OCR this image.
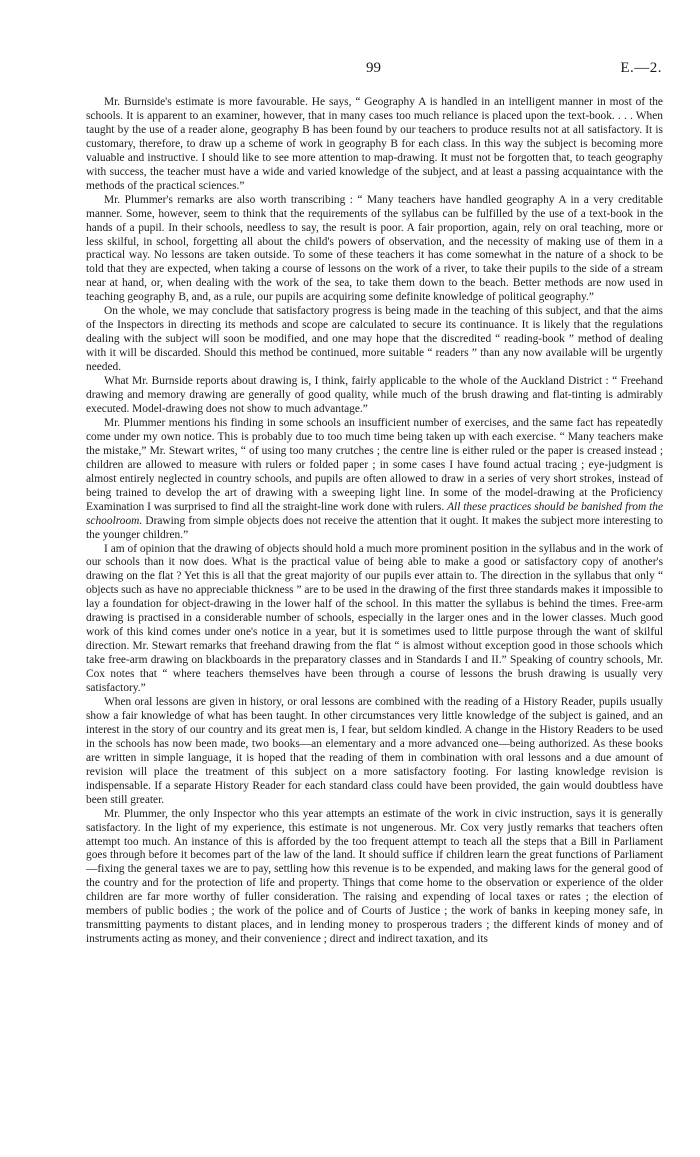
99	E.—2.

Mr. Burnside's estimate is more favourable. He says, “ Geography A is handled in an intelligent manner in most of the schools. It is apparent to an examiner, however, that in many cases too much reliance is placed upon the text-book. . . . When taught by the use of a reader alone, geography B has been found by our teachers to produce results not at all satisfactory. It is customary, therefore, to draw up a scheme of work in geography B for each class. In this way the subject is becoming more valuable and instructive. I should like to see more attention to map-drawing. It must not be forgotten that, to teach geography with success, the teacher must have a wide and varied knowledge of the subject, and at least a passing acquaintance with the methods of the practical sciences.”

Mr. Plummer's remarks are also worth transcribing : “ Many teachers have handled geography A in a very creditable manner. Some, however, seem to think that the requirements of the syllabus can be fulfilled by the use of a text-book in the hands of a pupil. In their schools, needless to say, the result is poor. A fair proportion, again, rely on oral teaching, more or less skilful, in school, forgetting all about the child's powers of observation, and the necessity of making use of them in a practical way. No lessons are taken outside. To some of these teachers it has come somewhat in the nature of a shock to be told that they are expected, when taking a course of lessons on the work of a river, to take their pupils to the side of a stream near at hand, or, when dealing with the work of the sea, to take them down to the beach. Better methods are now used in teaching geography B, and, as a rule, our pupils are acquiring some definite knowledge of political geography.”

On the whole, we may conclude that satisfactory progress is being made in the teaching of this subject, and that the aims of the Inspectors in directing its methods and scope are calculated to secure its continuance. It is likely that the regulations dealing with the subject will soon be modified, and one may hope that the discredited “ reading-book ” method of dealing with it will be discarded. Should this method be continued, more suitable “ readers ” than any now available will be urgently needed.

What Mr. Burnside reports about drawing is, I think, fairly applicable to the whole of the Auckland District : “ Freehand drawing and memory drawing are generally of good quality, while much of the brush drawing and flat-tinting is admirably executed. Model-drawing does not show to much advantage.”

Mr. Plummer mentions his finding in some schools an insufficient number of exercises, and the same fact has repeatedly come under my own notice. This is probably due to too much time being taken up with each exercise. “ Many teachers make the mistake,” Mr. Stewart writes, “ of using too many crutches ; the centre line is either ruled or the paper is creased instead ; children are allowed to measure with rulers or folded paper ; in some cases I have found actual tracing ; eye-judgment is almost entirely neglected in country schools, and pupils are often allowed to draw in a series of very short strokes, instead of being trained to develop the art of drawing with a sweeping light line. In some of the model-drawing at the Proficiency Examination I was surprised to find all the straight-line work done with rulers. All these practices should be banished from the schoolroom. Drawing from simple objects does not receive the attention that it ought. It makes the subject more interesting to the younger children.”

I am of opinion that the drawing of objects should hold a much more prominent position in the syllabus and in the work of our schools than it now does. What is the practical value of being able to make a good or satisfactory copy of another's drawing on the flat ? Yet this is all that the great majority of our pupils ever attain to. The direction in the syllabus that only “ objects such as have no appreciable thickness ” are to be used in the drawing of the first three standards makes it impossible to lay a foundation for object-drawing in the lower half of the school. In this matter the syllabus is behind the times. Free-arm drawing is practised in a considerable number of schools, especially in the larger ones and in the lower classes. Much good work of this kind comes under one's notice in a year, but it is sometimes used to little purpose through the want of skilful direction. Mr. Stewart remarks that freehand drawing from the flat “ is almost without exception good in those schools which take free-arm drawing on blackboards in the preparatory classes and in Standards I and II.” Speaking of country schools, Mr. Cox notes that “ where teachers themselves have been through a course of lessons the brush drawing is usually very satisfactory.”

When oral lessons are given in history, or oral lessons are combined with the reading of a History Reader, pupils usually show a fair knowledge of what has been taught. In other circumstances very little knowledge of the subject is gained, and an interest in the story of our country and its great men is, I fear, but seldom kindled. A change in the History Readers to be used in the schools has now been made, two books—an elementary and a more advanced one—being authorized. As these books are written in simple language, it is hoped that the reading of them in combination with oral lessons and a due amount of revision will place the treatment of this subject on a more satisfactory footing. For lasting knowledge revision is indispensable. If a separate History Reader for each standard class could have been provided, the gain would doubtless have been still greater.

Mr. Plummer, the only Inspector who this year attempts an estimate of the work in civic instruction, says it is generally satisfactory. In the light of my experience, this estimate is not ungenerous. Mr. Cox very justly remarks that teachers often attempt too much. An instance of this is afforded by the too frequent attempt to teach all the steps that a Bill in Parliament goes through before it becomes part of the law of the land. It should suffice if children learn the great functions of Parliament—fixing the general taxes we are to pay, settling how this revenue is to be expended, and making laws for the general good of the country and for the protection of life and property. Things that come home to the observation or experience of the older children are far more worthy of fuller consideration. The raising and expending of local taxes or rates ; the election of members of public bodies ; the work of the police and of Courts of Justice ; the work of banks in keeping money safe, in transmitting payments to distant places, and in lending money to prosperous traders ; the different kinds of money and of instruments acting as money, and their convenience ; direct and indirect taxation, and its
